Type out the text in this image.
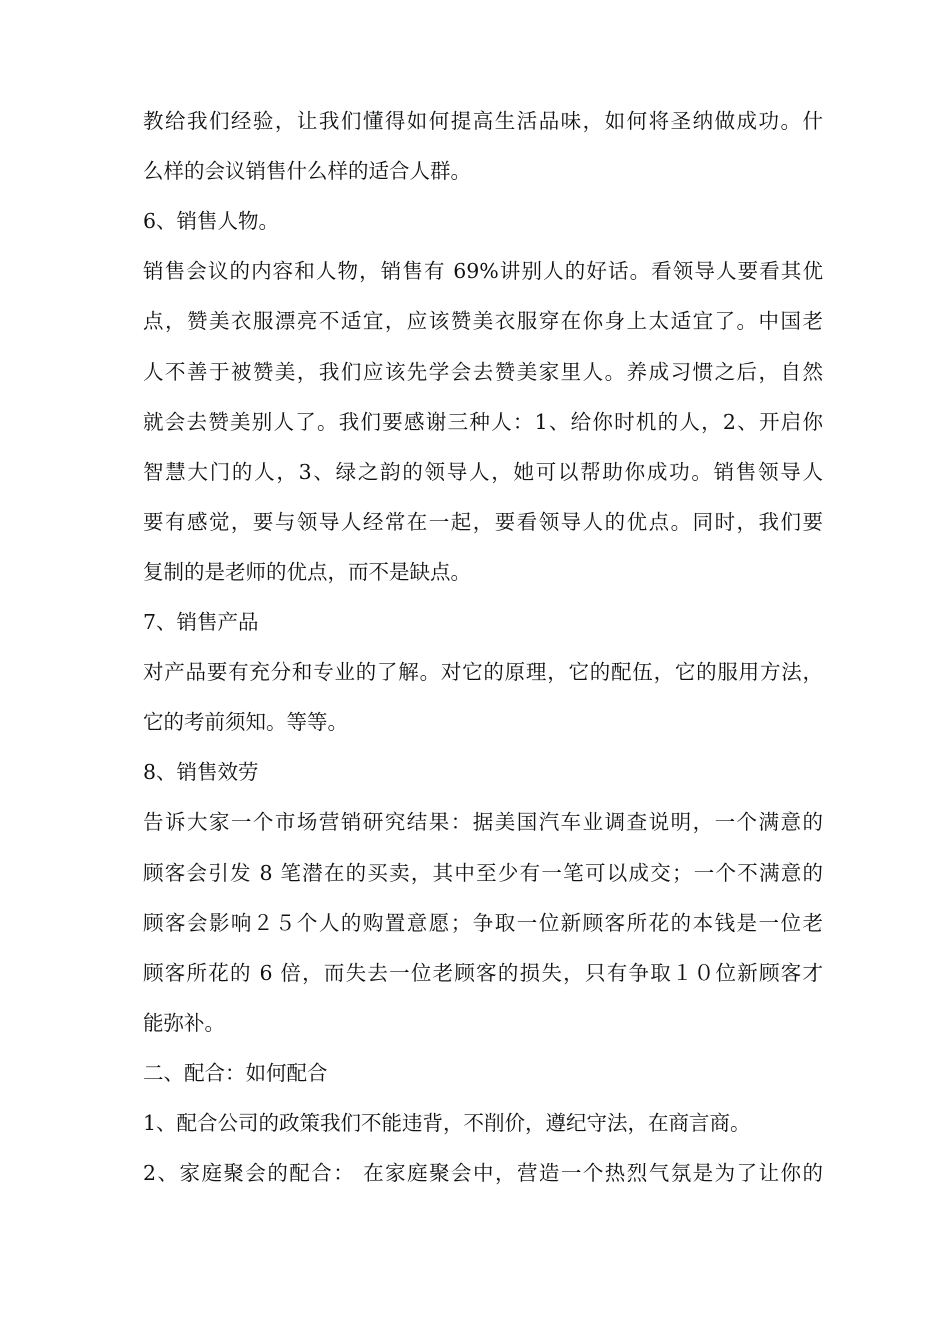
教给我们经验，让我们懂得如何提高生活品味，如何将圣纳做成功。什
么样的会议销售什么样的适合人群。
6、销售人物。
销售会议的内容和人物，销售有 69%讲别人的好话。看领导人要看其优
点，赞美衣服漂亮不适宜，应该赞美衣服穿在你身上太适宜了。中国老
人不善于被赞美，我们应该先学会去赞美家里人。养成习惯之后，自然
就会去赞美别人了。我们要感谢三种人：1、给你时机的人，2、开启你
智慧大门的人，3、绿之韵的领导人，她可以帮助你成功。销售领导人
要有感觉，要与领导人经常在一起，要看领导人的优点。同时，我们要
复制的是老师的优点，而不是缺点。
7、销售产品
对产品要有充分和专业的了解。对它的原理，它的配伍，它的服用方法，
它的考前须知。等等。
8、销售效劳
告诉大家一个市场营销研究结果：据美国汽车业调查说明，一个满意的
顾客会引发 8 笔潜在的买卖，其中至少有一笔可以成交；一个不满意的
顾客会影响２５个人的购置意愿；争取一位新顾客所花的本钱是一位老
顾客所花的 6 倍，而失去一位老顾客的损失，只有争取１０位新顾客才
能弥补。
二、配合：如何配合
1、配合公司的政策我们不能违背，不削价，遵纪守法，在商言商。
2、家庭聚会的配合： 在家庭聚会中，营造一个热烈气氛是为了让你的
